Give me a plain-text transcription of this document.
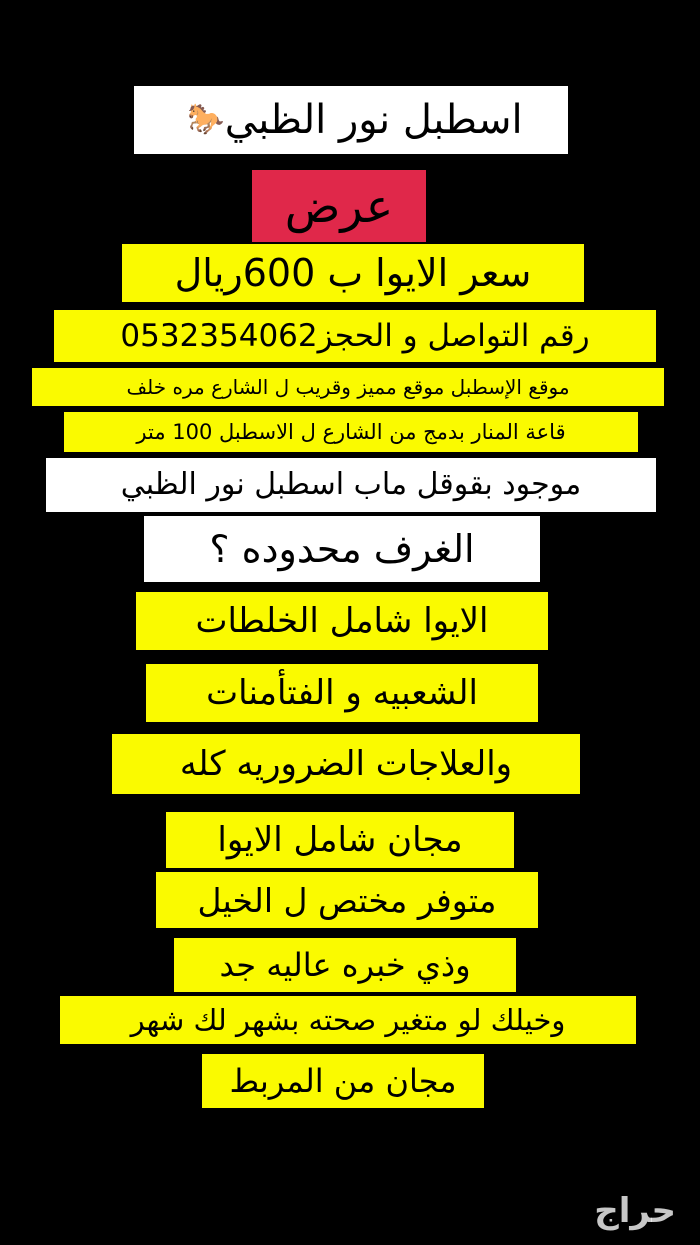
اسطبل نور الظبي
🐎
عرض
سعر الايوا ب 600ريال
رقم التواصل و الحجز0532354062
موقع الإسطبل موقع مميز وقريب ل الشارع مره خلف
قاعة المنار بدمج من الشارع ل الاسطبل 100 متر
موجود بقوقل ماب اسطبل نور الظبي
الغرف محدوده ؟
الايوا شامل الخلطات
الشعبيه و الفتأمنات
والعلاجات الضروريه كله
مجان شامل الايوا
متوفر مختص ل الخيل
وذي خبره عاليه جد
وخيلك لو متغير صحته بشهر لك شهر
مجان من المربط
حراج
